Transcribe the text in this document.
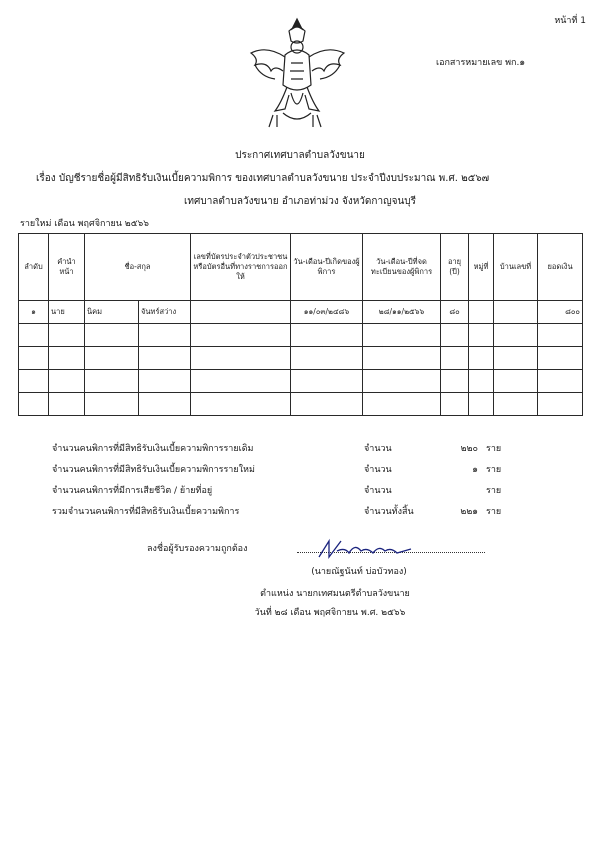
หน้าที่ 1
เอกสารหมายเลข พก.๑
ประกาศเทศบาลตำบลวังขนาย
เรื่อง บัญชีรายชื่อผู้มีสิทธิรับเงินเบี้ยความพิการ ของเทศบาลตำบลวังขนาย ประจำปีงบประมาณ พ.ศ. ๒๕๖๗
เทศบาลตำบลวังขนาย อำเภอท่าม่วง จังหวัดกาญจนบุรี
รายใหม่ เดือน พฤศจิกายน ๒๕๖๖
ลำดับ	คำนำหน้า	ชื่อ-สกุล		เลขที่บัตรประจำตัวประชาชนหรือบัตรอื่นที่ทางราชการออกให้	วัน-เดือน-ปีเกิดของผู้พิการ	วัน-เดือน-ปีที่จดทะเบียนของผู้พิการ	อายุ (ปี)	หมู่ที่	บ้านเลขที่	ยอดเงิน
๑	นาย	นิคม	จันทร์สว่าง		๑๑/๐๓/๒๔๘๖	๒๘/๑๑/๒๕๖๖	๘๐			๘๐๐

จำนวนคนพิการที่มีสิทธิรับเงินเบี้ยความพิการรายเดิม	จำนวน	๒๒๐ ราย
จำนวนคนพิการที่มีสิทธิรับเงินเบี้ยความพิการรายใหม่	จำนวน	๑ ราย
จำนวนคนพิการที่มีการเสียชีวิต / ย้ายที่อยู่	จำนวน	ราย
รวมจำนวนคนพิการที่มีสิทธิรับเงินเบี้ยความพิการ	จำนวนทั้งสิ้น	๒๒๑ ราย
ลงชื่อผู้รับรองความถูกต้อง
(นายณัฐนันท์ บ่อบัวทอง)
ตำแหน่ง นายกเทศมนตรีตำบลวังขนาย
วันที่ ๒๘ เดือน พฤศจิกายน พ.ศ. ๒๕๖๖
